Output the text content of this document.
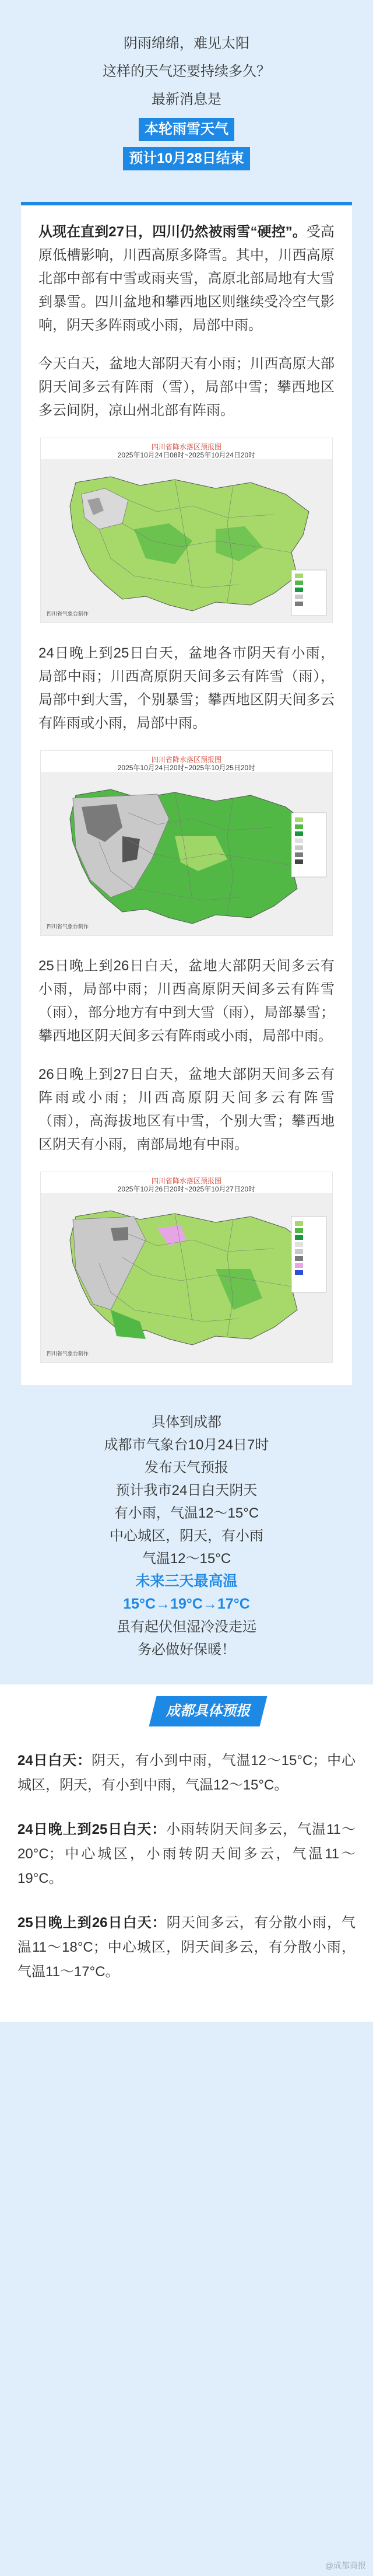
阴雨绵绵，难见太阳

这样的天气还要持续多久？

最新消息是

本轮雨雪天气
预计10月28日结束

从现在直到27日，四川仍然被雨雪“硬控”。受高原低槽影响，川西高原多降雪。其中，川西高原北部中部有中雪或雨夹雪，高原北部局地有大雪到暴雪。四川盆地和攀西地区则继续受冷空气影响，阴天多阵雨或小雨，局部中雨。

今天白天，盆地大部阴天有小雨；川西高原大部阴天间多云有阵雨（雪），局部中雪；攀西地区多云间阴，凉山州北部有阵雨。

四川省降水落区预报图
2025年10月24日08时~2025年10月24日20时
四川省气象台制作

24日晚上到25日白天，盆地各市阴天有小雨，局部中雨；川西高原阴天间多云有阵雪（雨），局部中到大雪，个别暴雪；攀西地区阴天间多云有阵雨或小雨，局部中雨。

四川省降水落区预报图
2025年10月24日20时~2025年10月25日20时
四川省气象台制作

25日晚上到26日白天，盆地大部阴天间多云有小雨，局部中雨；川西高原阴天间多云有阵雪（雨），部分地方有中到大雪（雨），局部暴雪；攀西地区阴天间多云有阵雨或小雨，局部中雨。

26日晚上到27日白天，盆地大部阴天间多云有阵雨或小雨；川西高原阴天间多云有阵雪（雨），高海拔地区有中雪，个别大雪；攀西地区阴天有小雨，南部局地有中雨。

四川省降水落区预报图
2025年10月26日20时~2025年10月27日20时
四川省气象台制作

具体到成都

成都市气象台10月24日7时

发布天气预报

预计我市24日白天阴天

有小雨，气温12～15°C

中心城区，阴天，有小雨

气温12～15°C

未来三天最高温

15°C→19°C→17°C

虽有起伏但湿冷没走远

务必做好保暖！

成都具体预报

24日白天：阴天，有小到中雨，气温12～15°C；中心城区，阴天，有小到中雨，气温12～15°C。

24日晚上到25日白天：小雨转阴天间多云，气温11～20°C；中心城区，小雨转阴天间多云，气温11～19°C。

25日晚上到26日白天：阴天间多云，有分散小雨，气温11～18°C；中心城区，阴天间多云，有分散小雨，气温11～17°C。

@成都商报
